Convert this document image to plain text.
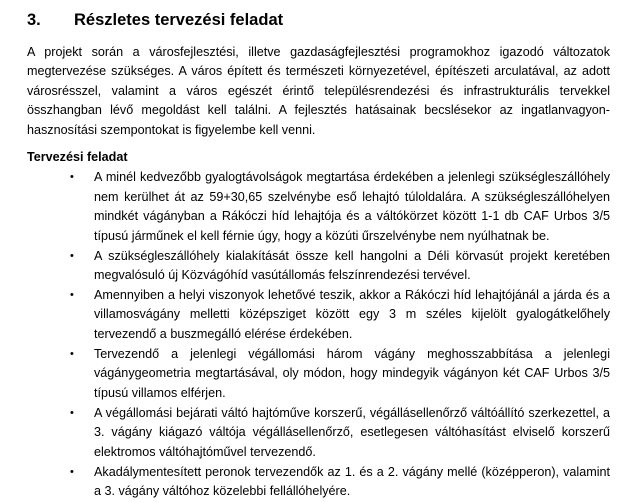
3.	Részletes tervezési feladat

A projekt során a városfejlesztési, illetve gazdaságfejlesztési programokhoz igazodó változatok megtervezése szükséges. A város épített és természeti környezetével, építészeti arculatával, az adott városrésszel, valamint a város egészét érintő településrendezési és infrastrukturális tervekkel összhangban lévő megoldást kell találni. A fejlesztés hatásainak becslésekor az ingatlanvagyon-hasznosítási szempontokat is figyelembe kell venni.

Tervezési feladat
• A minél kedvezőbb gyalogtávolságok megtartása érdekében a jelenlegi szükségleszállóhely nem kerülhet át az 59+30,65 szelvénybe eső lehajtó túloldalára. A szükségleszállóhelyen mindkét vágányban a Rákóczi híd lehajtója és a váltókörzet között 1-1 db CAF Urbos 3/5 típusú járműnek el kell férnie úgy, hogy a közúti űrszelvénybe nem nyúlhatnak be.
• A szükségleszállóhely kialakítását össze kell hangolni a Déli körvasút projekt keretében megvalósuló új Közvágóhíd vasútállomás felszínrendezési tervével.
• Amennyiben a helyi viszonyok lehetővé teszik, akkor a Rákóczi híd lehajtójánál a járda és a villamosvágány melletti középsziget között egy 3 m széles kijelölt gyalogátkelőhely tervezendő a buszmegálló elérése érdekében.
• Tervezendő a jelenlegi végállomási három vágány meghosszabbítása a jelenlegi vágánygeometria megtartásával, oly módon, hogy mindegyik vágányon két CAF Urbos 3/5 típusú villamos elférjen.
• A végállomási bejárati váltó hajtóműve korszerű, végállásellenőrző váltóállító szerkezettel, a 3. vágány kiágazó váltója végállásellenőrző, esetlegesen váltóhasítást elviselő korszerű elektromos váltóhajtóművel tervezendő.
• Akadálymentesített peronok tervezendők az 1. és a 2. vágány mellé (középperon), valamint a 3. vágány váltóhoz közelebbi fellállóhelyére.
